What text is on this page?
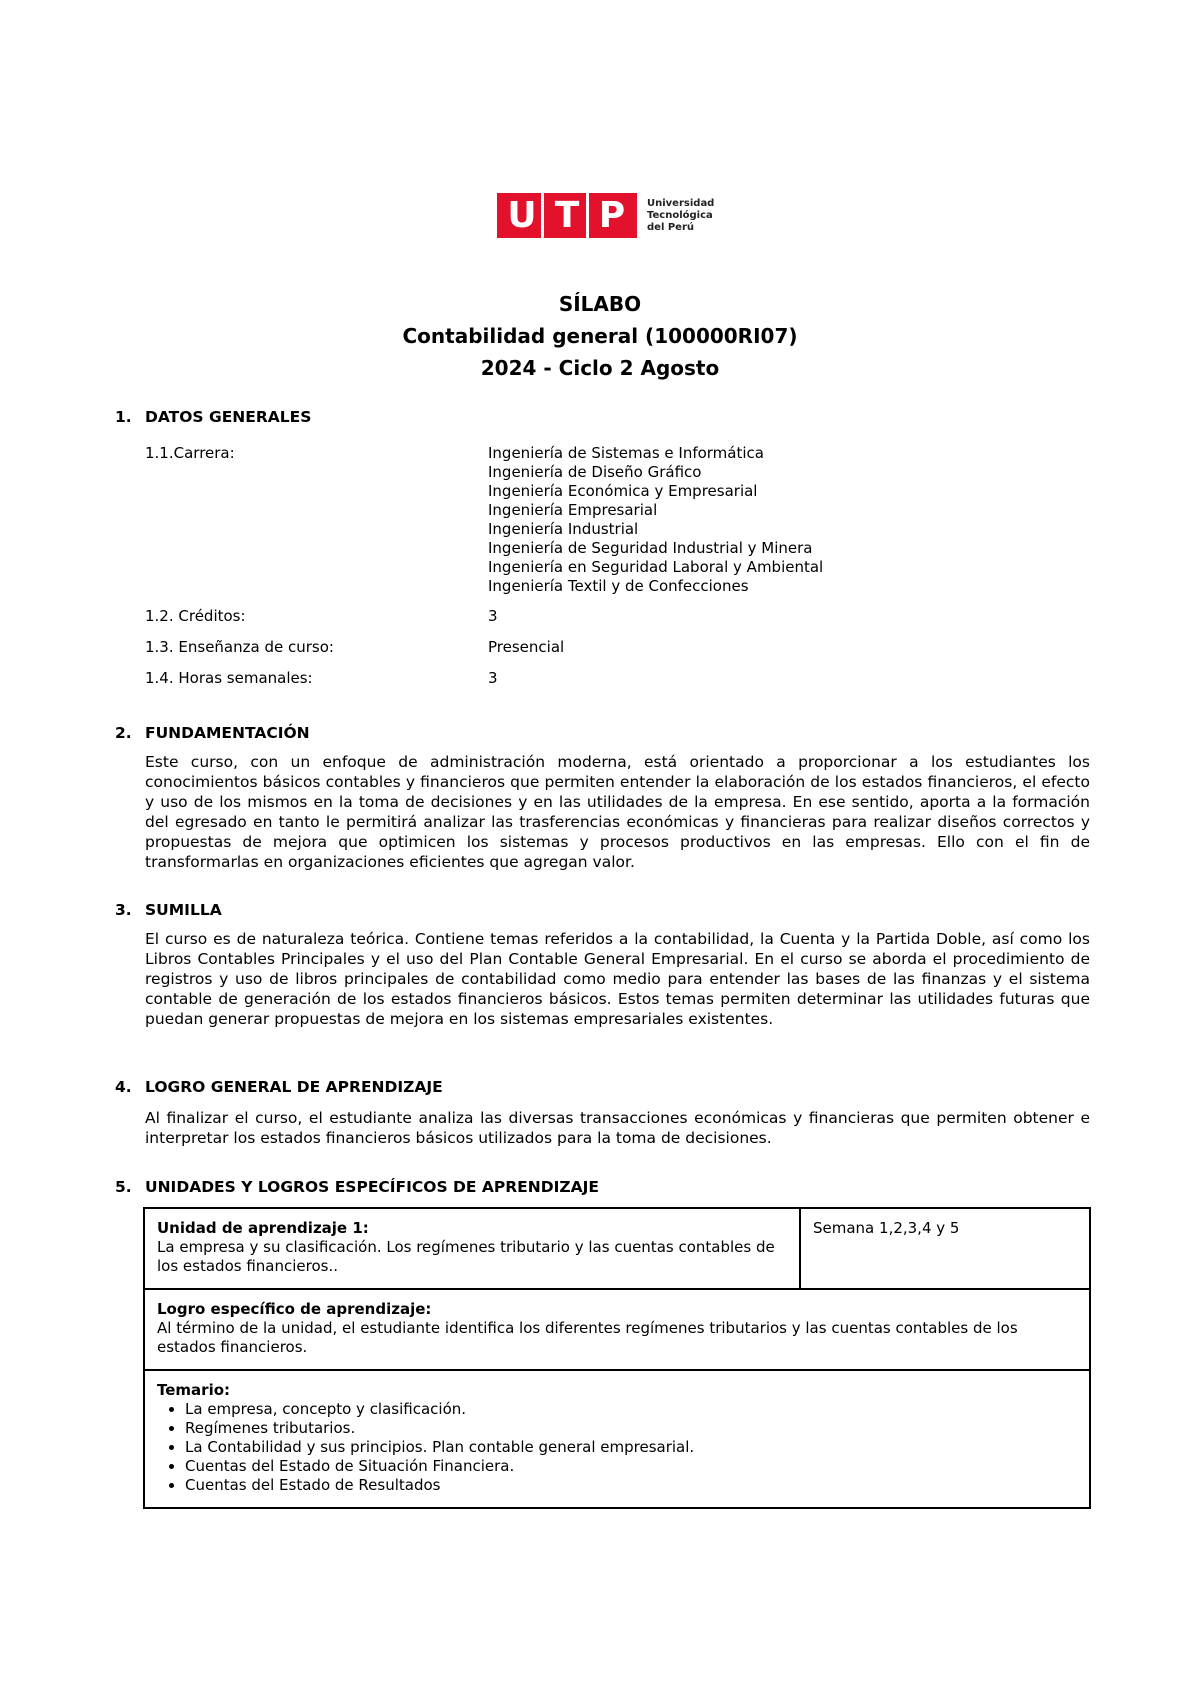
U T P	Universidad
Tecnológica
del Perú
SÍLABO
Contabilidad general (100000RI07)
2024 - Ciclo 2 Agosto
1. DATOS GENERALES
1.1.Carrera:	Ingeniería de Sistemas e Informática
Ingeniería de Diseño Gráfico
Ingeniería Económica y Empresarial
Ingeniería Empresarial
Ingeniería Industrial
Ingeniería de Seguridad Industrial y Minera
Ingeniería en Seguridad Laboral y Ambiental
Ingeniería Textil y de Confecciones
1.2. Créditos:	3
1.3. Enseñanza de curso:	Presencial
1.4. Horas semanales:	3
2. FUNDAMENTACIÓN
Este curso, con un enfoque de administración moderna, está orientado a proporcionar a los estudiantes los conocimientos básicos contables y financieros que permiten entender la elaboración de los estados financieros, el efecto y uso de los mismos en la toma de decisiones y en las utilidades de la empresa. En ese sentido, aporta a la formación del egresado en tanto le permitirá analizar las trasferencias económicas y financieras para realizar diseños correctos y propuestas de mejora que optimicen los sistemas y procesos productivos en las empresas. Ello con el fin de transformarlas en organizaciones eficientes que agregan valor.
3. SUMILLA
El curso es de naturaleza teórica. Contiene temas referidos a la contabilidad, la Cuenta y la Partida Doble, así como los Libros Contables Principales y el uso del Plan Contable General Empresarial. En el curso se aborda el procedimiento de registros y uso de libros principales de contabilidad como medio para entender las bases de las finanzas y el sistema contable de generación de los estados financieros básicos. Estos temas permiten determinar las utilidades futuras que puedan generar propuestas de mejora en los sistemas empresariales existentes.
4. LOGRO GENERAL DE APRENDIZAJE
Al finalizar el curso, el estudiante analiza las diversas transacciones económicas y financieras que permiten obtener e interpretar los estados financieros básicos utilizados para la toma de decisiones.
5. UNIDADES Y LOGROS ESPECÍFICOS DE APRENDIZAJE
Unidad de aprendizaje 1:
La empresa y su clasificación. Los regímenes tributario y las cuentas contables de los estados financieros..	Semana 1,2,3,4 y 5
Logro específico de aprendizaje:
Al término de la unidad, el estudiante identifica los diferentes regímenes tributarios y las cuentas contables de los estados financieros.
Temario:
• La empresa, concepto y clasificación.
• Regímenes tributarios.
• La Contabilidad y sus principios. Plan contable general empresarial.
• Cuentas del Estado de Situación Financiera.
• Cuentas del Estado de Resultados
